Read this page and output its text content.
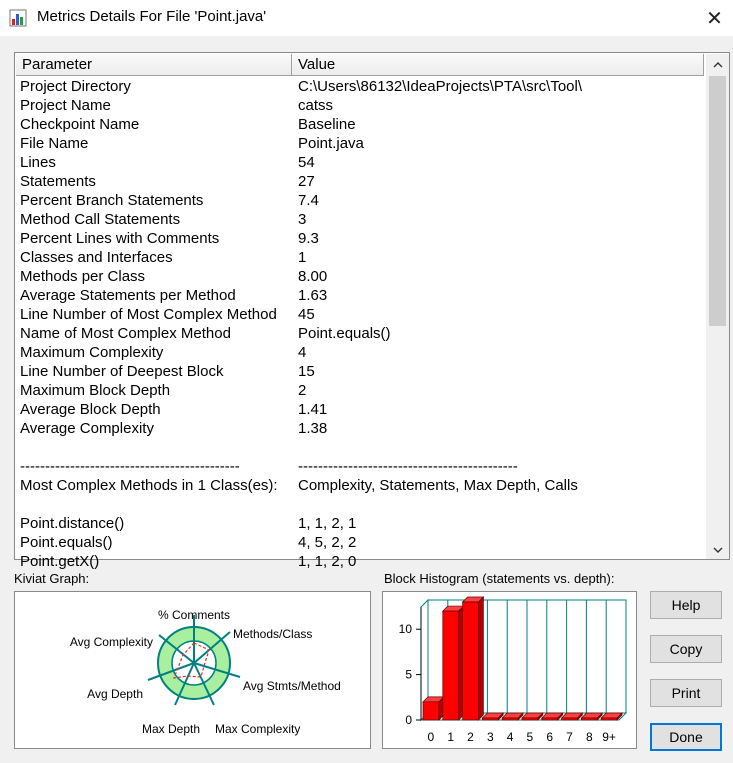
Metrics Details For File 'Point.java'	✕
Parameter	Value
Project Directory	C:\Users\86132\IdeaProjects\PTA\src\Tool\
Project Name	catss
Checkpoint Name	Baseline
File Name	Point.java
Lines	54
Statements	27
Percent Branch Statements	7.4
Method Call Statements	3
Percent Lines with Comments	9.3
Classes and Interfaces	1
Methods per Class	8.00
Average Statements per Method	1.63
Line Number of Most Complex Method	45
Name of Most Complex Method	Point.equals()
Maximum Complexity	4
Line Number of Deepest Block	15
Maximum Block Depth	2
Average Block Depth	1.41
Average Complexity	1.38
--------------------------------------------	--------------------------------------------
Most Complex Methods in 1 Class(es):	Complexity, Statements, Max Depth, Calls
Point.distance()	1, 1, 2, 1
Point.equals()	4, 5, 2, 2
Point.getX()	1, 1, 2, 0
Kiviat Graph:
% Comments
Methods/Class
Avg Stmts/Method
Max Complexity
Max Depth
Avg Depth
Avg Complexity
Block Histogram (statements vs. depth):
0
5
10
0 1 2 3 4 5 6 7 8 9+
Help
Copy
Print
Done
